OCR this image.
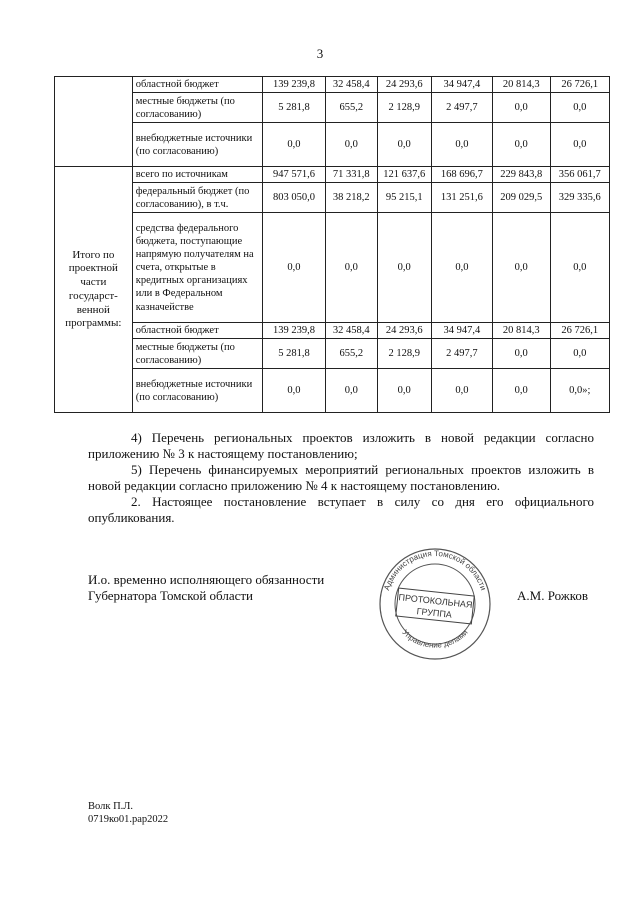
3
	областной бюджет	139 239,8	32 458,4	24 293,6	34 947,4	20 814,3	26 726,1
	местные бюджеты (по согласованию)	5 281,8	655,2	2 128,9	2 497,7	0,0	0,0
	внебюджетные источники (по согласованию)	0,0	0,0	0,0	0,0	0,0	0,0
Итого по проектной части государст-венной программы:	всего по источникам	947 571,6	71 331,8	121 637,6	168 696,7	229 843,8	356 061,7
	федеральный бюджет (по согласованию), в т.ч.	803 050,0	38 218,2	95 215,1	131 251,6	209 029,5	329 335,6
	средства федерального бюджета, поступающие напрямую получателям на счета, открытые в кредитных организациях или в Федеральном казначействе	0,0	0,0	0,0	0,0	0,0	0,0
	областной бюджет	139 239,8	32 458,4	24 293,6	34 947,4	20 814,3	26 726,1
	местные бюджеты (по согласованию)	5 281,8	655,2	2 128,9	2 497,7	0,0	0,0
	внебюджетные источники (по согласованию)	0,0	0,0	0,0	0,0	0,0	0,0»;
4) Перечень региональных проектов изложить в новой редакции согласно приложению № 3 к настоящему постановлению;
5) Перечень финансируемых мероприятий региональных проектов изложить в новой редакции согласно приложению № 4 к настоящему постановлению.
2. Настоящее постановление вступает в силу со дня его официального опубликования.
И.о. временно исполняющего обязанности
Губернатора Томской области
Администрация Томской области
Управление делами
ПРОТОКОЛЬНАЯ
ГРУППА
А.М. Рожков
Волк П.Л.
0719ко01.рар2022
